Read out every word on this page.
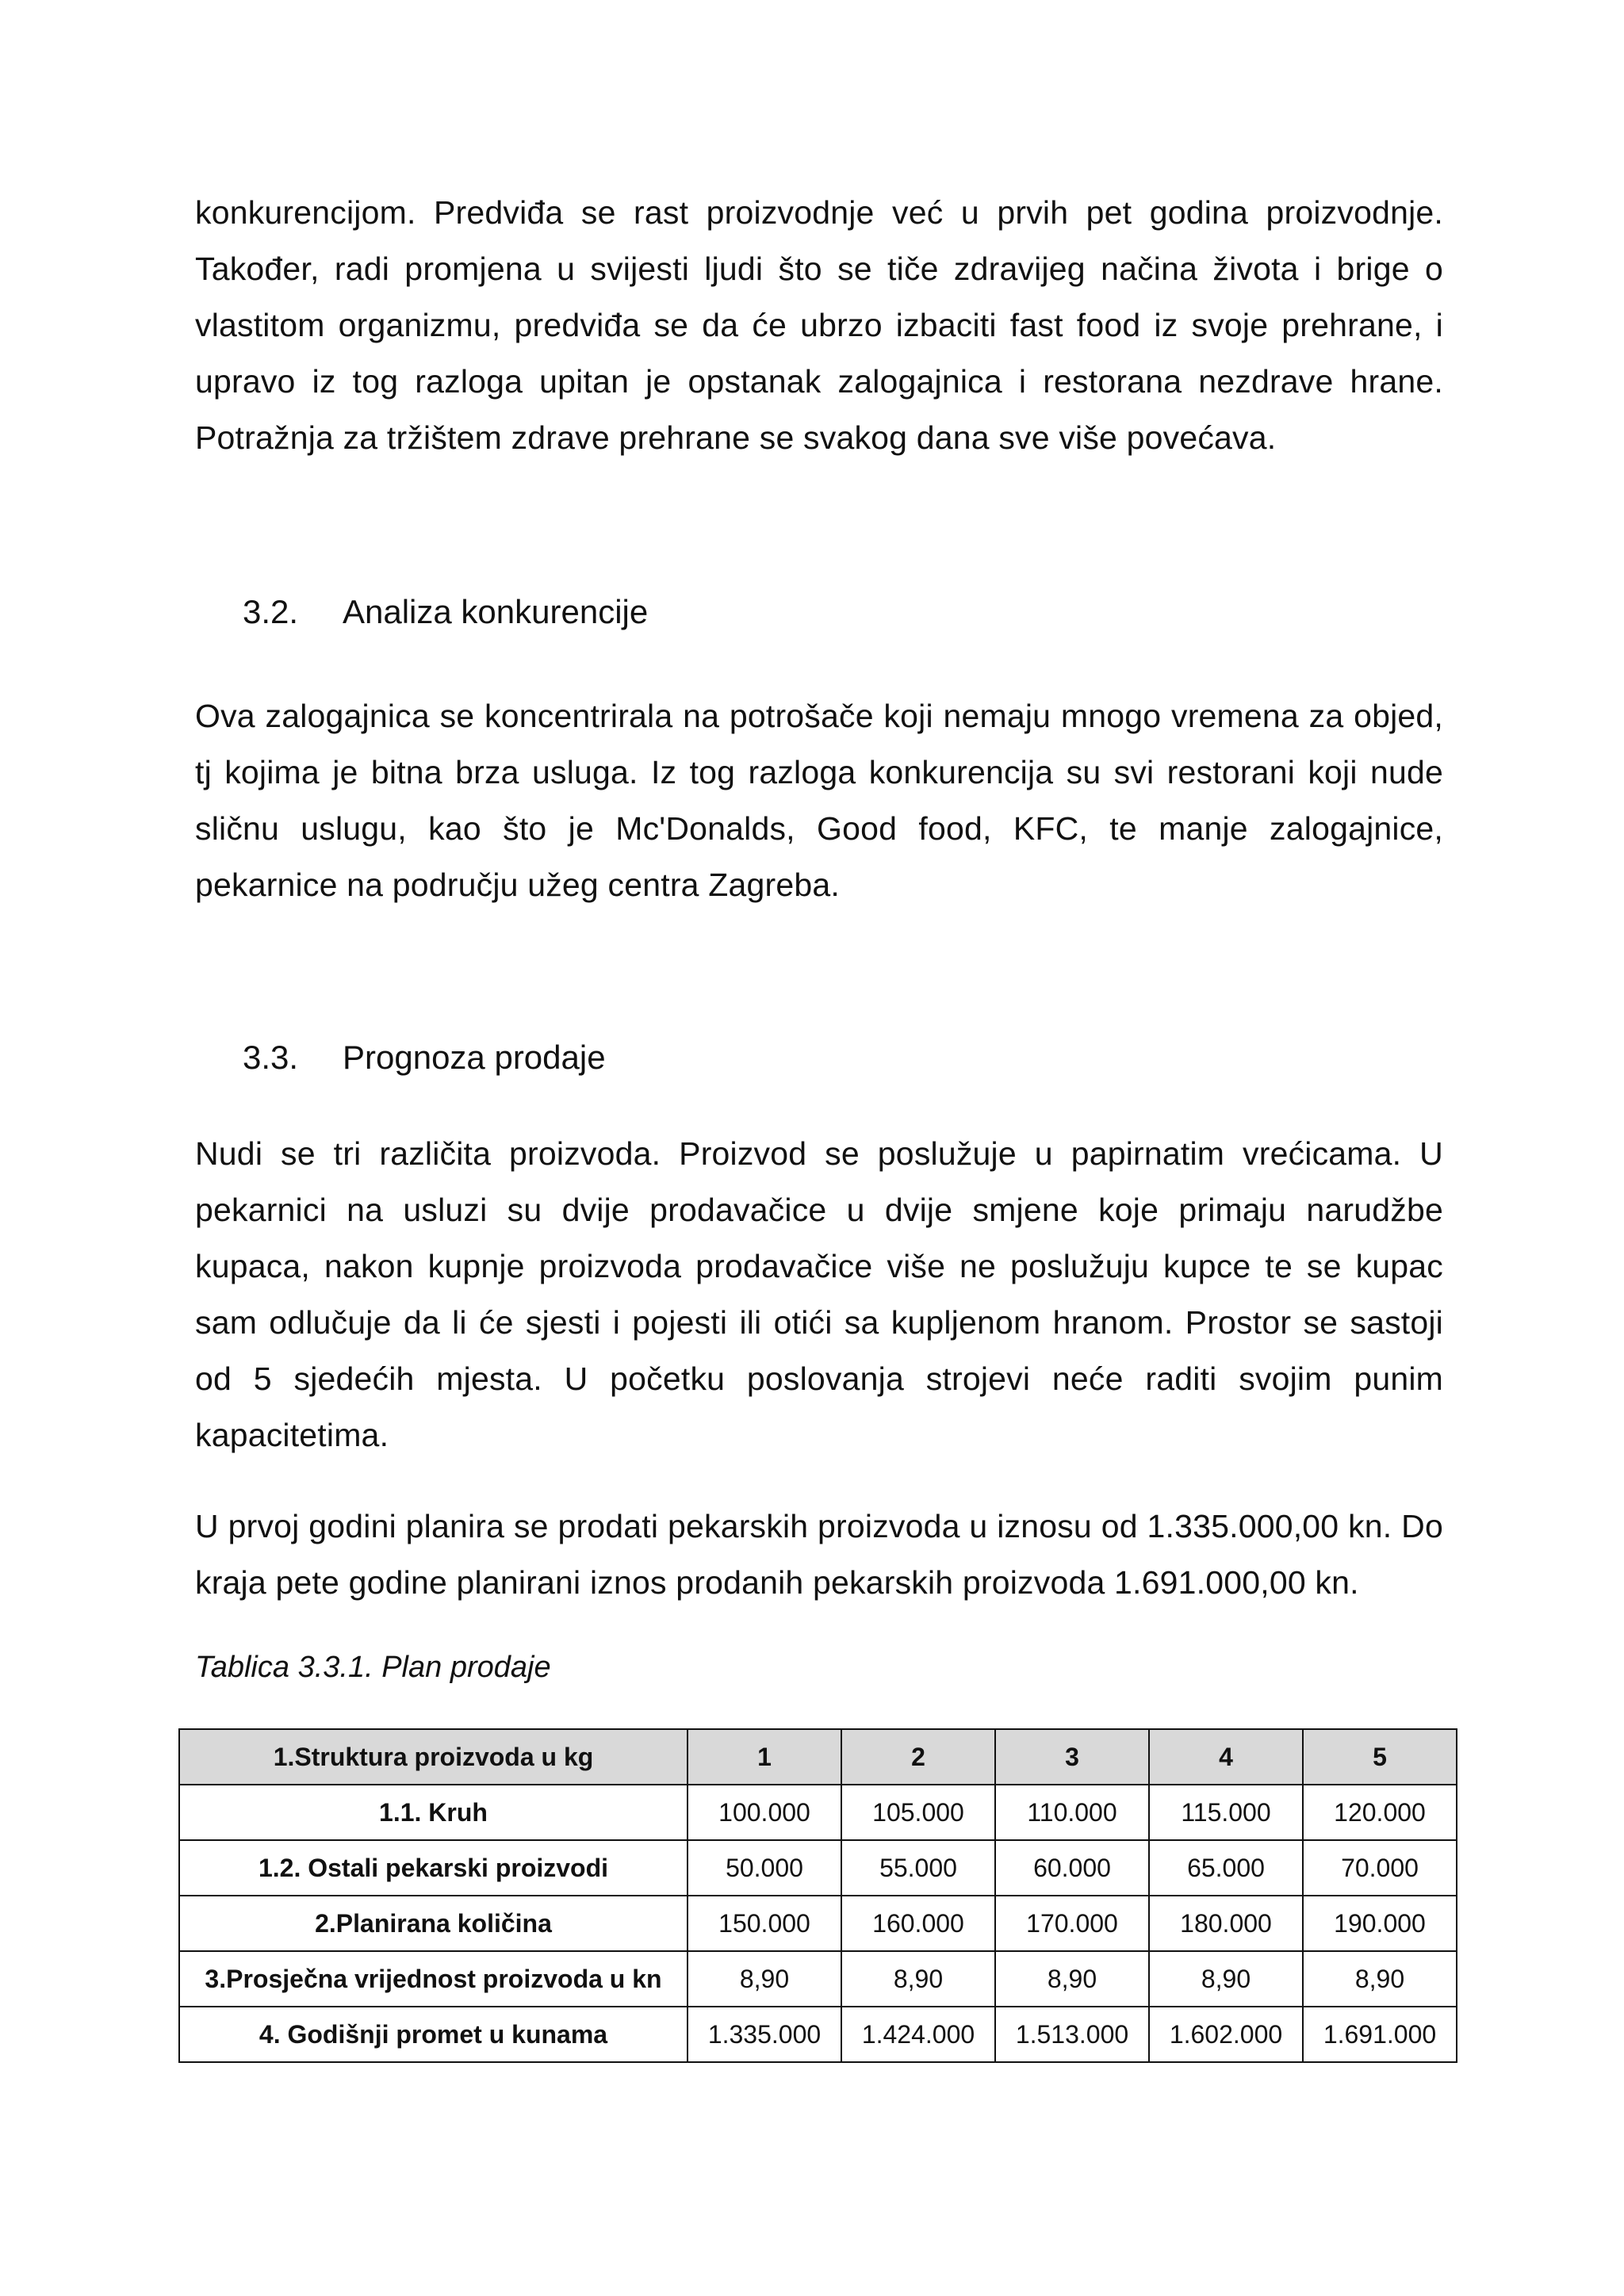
konkurencijom. Predviđa se rast proizvodnje već u prvih pet godina proizvodnje. Također, radi promjena u svijesti ljudi što se tiče zdravijeg načina života i brige o vlastitom organizmu, predviđa se da će ubrzo izbaciti fast food iz svoje prehrane, i upravo iz tog razloga upitan je opstanak zalogajnica i restorana nezdrave hrane. Potražnja za tržištem zdrave prehrane se svakog dana sve više povećava.

3.2. Analiza konkurencije

Ova zalogajnica se koncentrirala na potrošače koji nemaju mnogo vremena za objed, tj kojima je bitna brza usluga. Iz tog razloga konkurencija su svi restorani koji nude sličnu uslugu, kao što je Mc'Donalds, Good food, KFC, te manje zalogajnice, pekarnice na području užeg centra Zagreba.

3.3. Prognoza prodaje

Nudi se tri različita proizvoda. Proizvod se poslužuje u papirnatim vrećicama. U pekarnici na usluzi su dvije prodavačice u dvije smjene koje primaju narudžbe kupaca, nakon kupnje proizvoda prodavačice više ne poslužuju kupce te se kupac sam odlučuje da li će sjesti i pojesti ili otići sa kupljenom hranom. Prostor se sastoji od 5 sjedećih mjesta. U početku poslovanja strojevi neće raditi svojim punim kapacitetima.

U prvoj godini planira se prodati pekarskih proizvoda u iznosu od 1.335.000,00 kn. Do kraja pete godine planirani iznos prodanih pekarskih proizvoda 1.691.000,00 kn.

Tablica 3.3.1. Plan prodaje

1.Struktura proizvoda u kg	1	2	3	4	5
1.1. Kruh	100.000	105.000	110.000	115.000	120.000
1.2. Ostali pekarski proizvodi	50.000	55.000	60.000	65.000	70.000
2.Planirana količina	150.000	160.000	170.000	180.000	190.000
3.Prosječna vrijednost proizvoda u kn	8,90	8,90	8,90	8,90	8,90
4. Godišnji promet u kunama	1.335.000	1.424.000	1.513.000	1.602.000	1.691.000
